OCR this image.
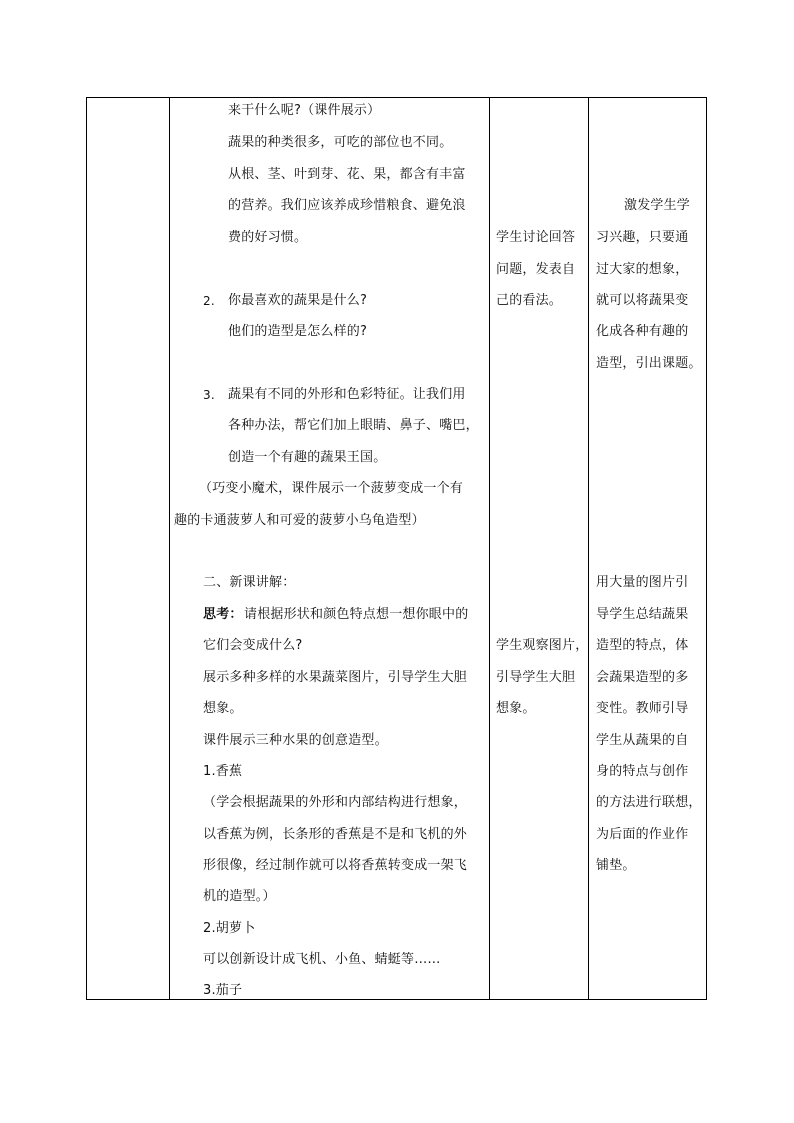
来干什么呢?（课件展示）
蔬果的种类很多，可吃的部位也不同。
从根、茎、叶到芽、花、果，都含有丰富
的营养。我们应该养成珍惜粮食、避免浪
费的好习惯。
2. 你最喜欢的蔬果是什么?
他们的造型是怎么样的?
3. 蔬果有不同的外形和色彩特征。让我们用
各种办法，帮它们加上眼睛、鼻子、嘴巴，
创造一个有趣的蔬果王国。
（巧变小魔术，课件展示一个菠萝变成一个有
趣的卡通菠萝人和可爱的菠萝小乌龟造型）
二、新课讲解：
思考： 请根据形状和颜色特点想一想你眼中的
它们会变成什么?
展示多种多样的水果蔬菜图片，引导学生大胆
想象。
课件展示三种水果的创意造型。
1.香蕉
（学会根据蔬果的外形和内部结构进行想象，
以香蕉为例，长条形的香蕉是不是和飞机的外
形很像，经过制作就可以将香蕉转变成一架飞
机的造型。）
2.胡萝卜
可以创新设计成飞机、小鱼、蜻蜓等……
3.茄子
学生讨论回答
问题，发表自
己的看法。
学生观察图片，
引导学生大胆
想象。
激发学生学
习兴趣，只要通
过大家的想象，
就可以将蔬果变
化成各种有趣的
造型，引出课题。
用大量的图片引
导学生总结蔬果
造型的特点，体
会蔬果造型的多
变性。教师引导
学生从蔬果的自
身的特点与创作
的方法进行联想，
为后面的作业作
铺垫。
